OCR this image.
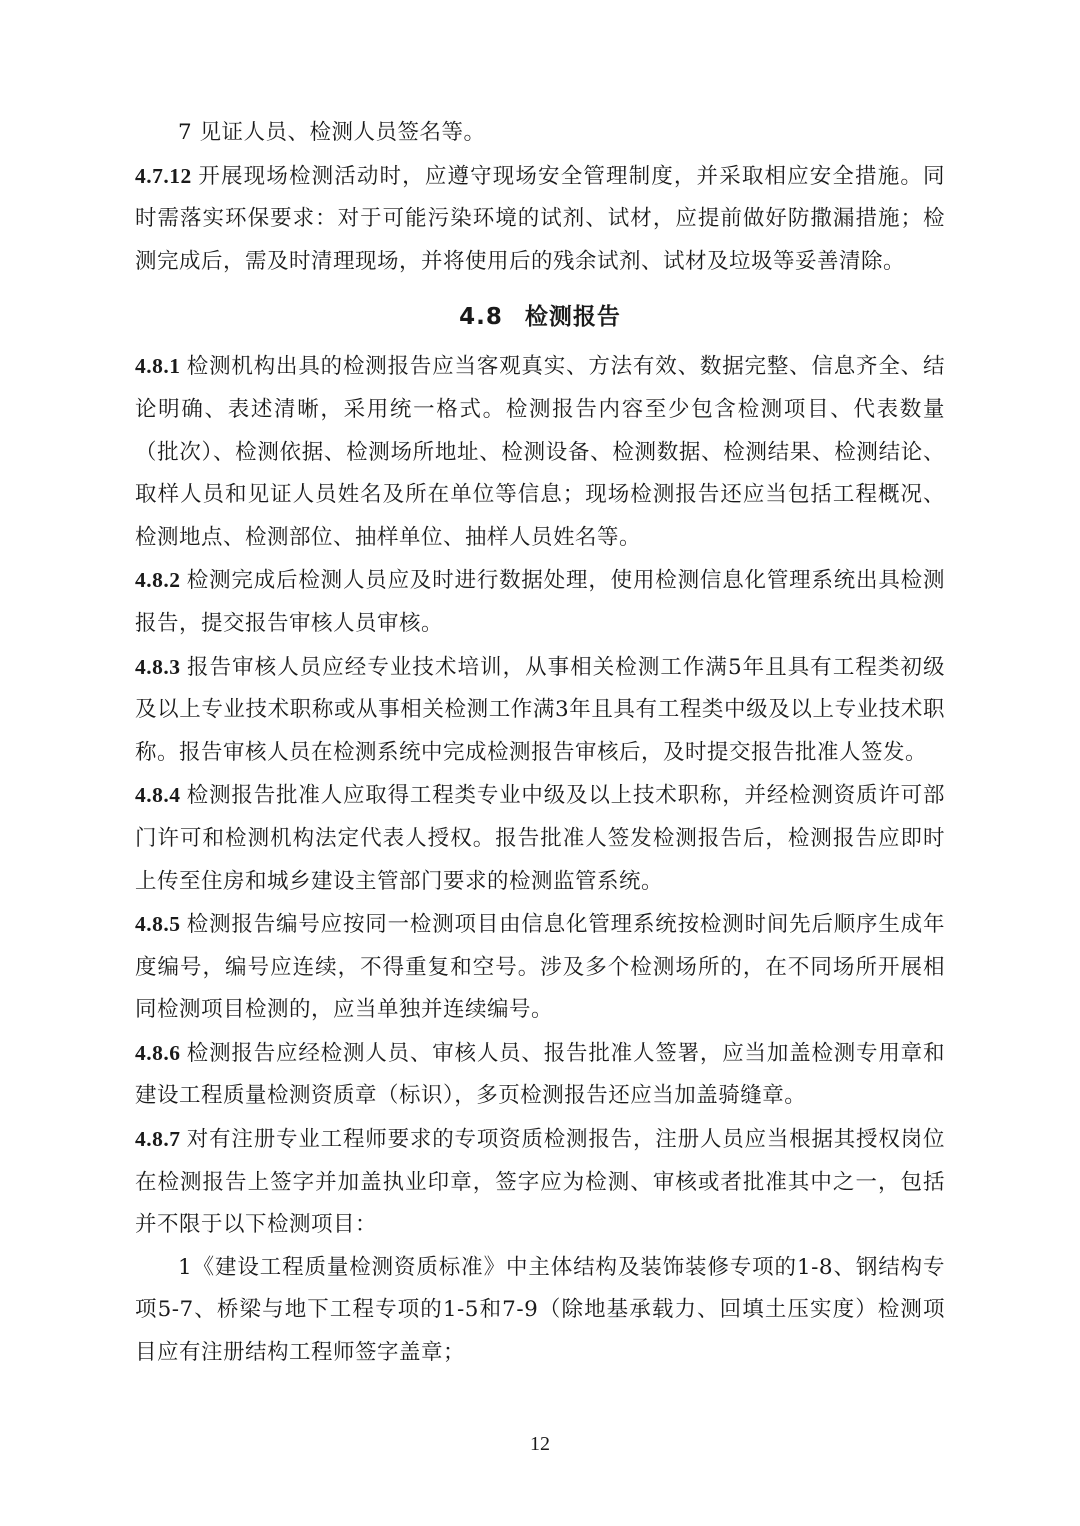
7 见证人员、检测人员签名等。

4.7.12 开展现场检测活动时，应遵守现场安全管理制度，并采取相应安全措施。同时需落实环保要求：对于可能污染环境的试剂、试材，应提前做好防撒漏措施；检测完成后，需及时清理现场，并将使用后的残余试剂、试材及垃圾等妥善清除。

4.8 检测报告

4.8.1 检测机构出具的检测报告应当客观真实、方法有效、数据完整、信息齐全、结论明确、表述清晰，采用统一格式。检测报告内容至少包含检测项目、代表数量（批次）、检测依据、检测场所地址、检测设备、检测数据、检测结果、检测结论、取样人员和见证人员姓名及所在单位等信息；现场检测报告还应当包括工程概况、检测地点、检测部位、抽样单位、抽样人员姓名等。

4.8.2 检测完成后检测人员应及时进行数据处理，使用检测信息化管理系统出具检测报告，提交报告审核人员审核。

4.8.3 报告审核人员应经专业技术培训，从事相关检测工作满5年且具有工程类初级及以上专业技术职称或从事相关检测工作满3年且具有工程类中级及以上专业技术职称。报告审核人员在检测系统中完成检测报告审核后，及时提交报告批准人签发。

4.8.4 检测报告批准人应取得工程类专业中级及以上技术职称，并经检测资质许可部门许可和检测机构法定代表人授权。报告批准人签发检测报告后，检测报告应即时上传至住房和城乡建设主管部门要求的检测监管系统。

4.8.5 检测报告编号应按同一检测项目由信息化管理系统按检测时间先后顺序生成年度编号，编号应连续，不得重复和空号。涉及多个检测场所的，在不同场所开展相同检测项目检测的，应当单独并连续编号。

4.8.6 检测报告应经检测人员、审核人员、报告批准人签署，应当加盖检测专用章和建设工程质量检测资质章（标识），多页检测报告还应当加盖骑缝章。

4.8.7 对有注册专业工程师要求的专项资质检测报告，注册人员应当根据其授权岗位在检测报告上签字并加盖执业印章，签字应为检测、审核或者批准其中之一，包括并不限于以下检测项目：

1《建设工程质量检测资质标准》中主体结构及装饰装修专项的1-8、钢结构专项5-7、桥梁与地下工程专项的1-5和7-9（除地基承载力、回填土压实度）检测项目应有注册结构工程师签字盖章；

12
